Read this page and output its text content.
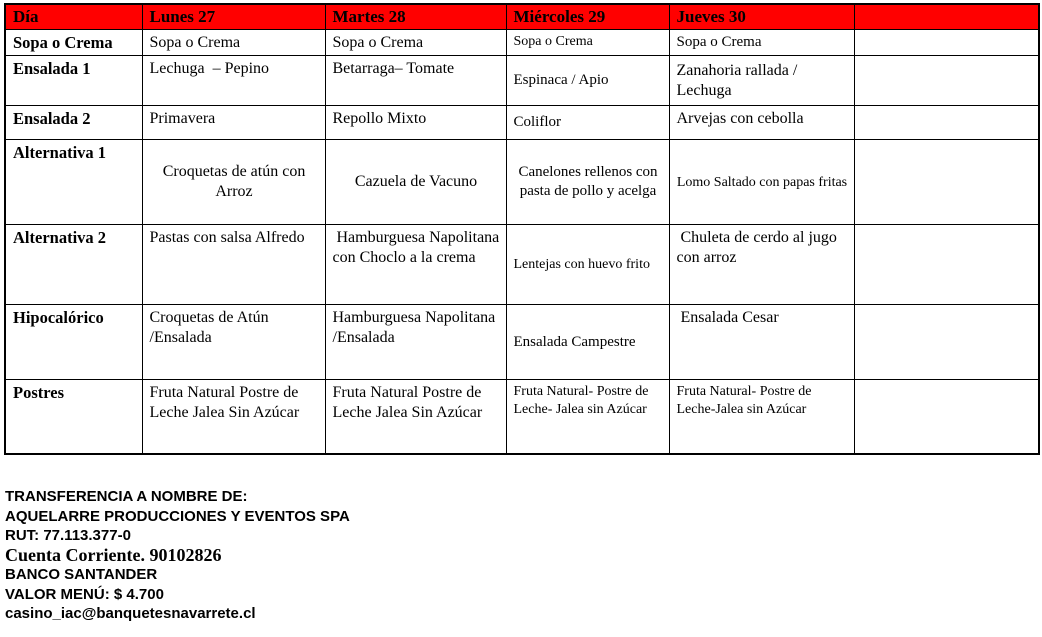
Día	Lunes 27	Martes 28	Miércoles 29	Jueves 30	
Sopa o Crema	Sopa o Crema	Sopa o Crema	Sopa o Crema	Sopa o Crema	
Ensalada 1	Lechuga  – Pepino	Betarraga– Tomate	Espinaca / Apio	Zanahoria rallada / Lechuga	
Ensalada 2	Primavera	Repollo Mixto	Coliflor	Arvejas con cebolla	
Alternativa 1	Croquetas de atún con Arroz	Cazuela de Vacuno	Canelones rellenos con pasta de pollo y acelga	Lomo Saltado con papas fritas	
Alternativa 2	Pastas con salsa Alfredo	Hamburguesa Napolitana con Choclo a la crema	Lentejas con huevo frito	Chuleta de cerdo al jugo con arroz	
Hipocalórico	Croquetas de Atún /Ensalada	Hamburguesa Napolitana /Ensalada	Ensalada Campestre	Ensalada Cesar	
Postres	Fruta Natural Postre de Leche Jalea Sin Azúcar	Fruta Natural Postre de Leche Jalea Sin Azúcar	Fruta Natural- Postre de Leche- Jalea sin Azúcar	Fruta Natural- Postre de Leche-Jalea sin Azúcar	
TRANSFERENCIA A NOMBRE DE:
AQUELARRE PRODUCCIONES Y EVENTOS SPA
RUT: 77.113.377-0
Cuenta Corriente. 90102826
BANCO SANTANDER
VALOR MENÚ: $ 4.700
casino_iac@banquetesnavarrete.cl
